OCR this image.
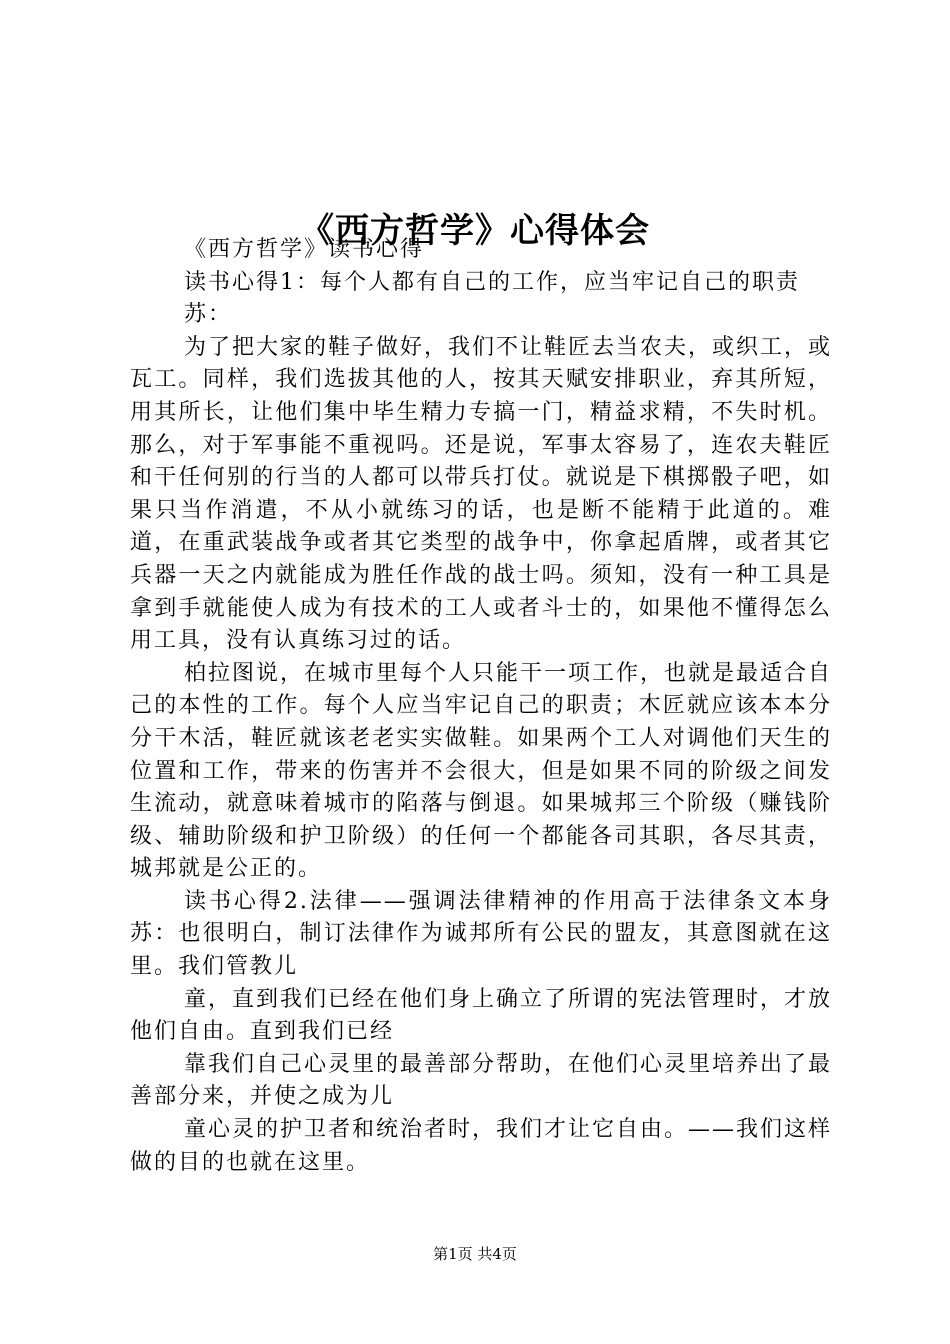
《西方哲学》心得体会

《西方哲学》读书心得

读书心得1：每个人都有自己的工作，应当牢记自己的职责

苏：

为了把大家的鞋子做好，我们不让鞋匠去当农夫，或织工，或瓦工。同样，我们选拔其他的人，按其天赋安排职业，弃其所短，用其所长，让他们集中毕生精力专搞一门，精益求精，不失时机。那么，对于军事能不重视吗。还是说，军事太容易了，连农夫鞋匠和干任何别的行当的人都可以带兵打仗。就说是下棋掷骰子吧，如果只当作消遣，不从小就练习的话，也是断不能精于此道的。难道，在重武装战争或者其它类型的战争中，你拿起盾牌，或者其它兵器一天之内就能成为胜任作战的战士吗。须知，没有一种工具是拿到手就能使人成为有技术的工人或者斗士的，如果他不懂得怎么用工具，没有认真练习过的话。

柏拉图说，在城市里每个人只能干一项工作，也就是最适合自己的本性的工作。每个人应当牢记自己的职责；木匠就应该本本分分干木活，鞋匠就该老老实实做鞋。如果两个工人对调他们天生的位置和工作，带来的伤害并不会很大，但是如果不同的阶级之间发生流动，就意味着城市的陷落与倒退。如果城邦三个阶级（赚钱阶级、辅助阶级和护卫阶级）的任何一个都能各司其职，各尽其责，城邦就是公正的。

读书心得2.法律——强调法律精神的作用高于法律条文本身苏：也很明白，制订法律作为诚邦所有公民的盟友，其意图就在这里。我们管教儿

童，直到我们已经在他们身上确立了所谓的宪法管理时，才放他们自由。直到我们已经

靠我们自己心灵里的最善部分帮助，在他们心灵里培养出了最善部分来，并使之成为儿

童心灵的护卫者和统治者时，我们才让它自由。——我们这样做的目的也就在这里。

第1页 共4页
